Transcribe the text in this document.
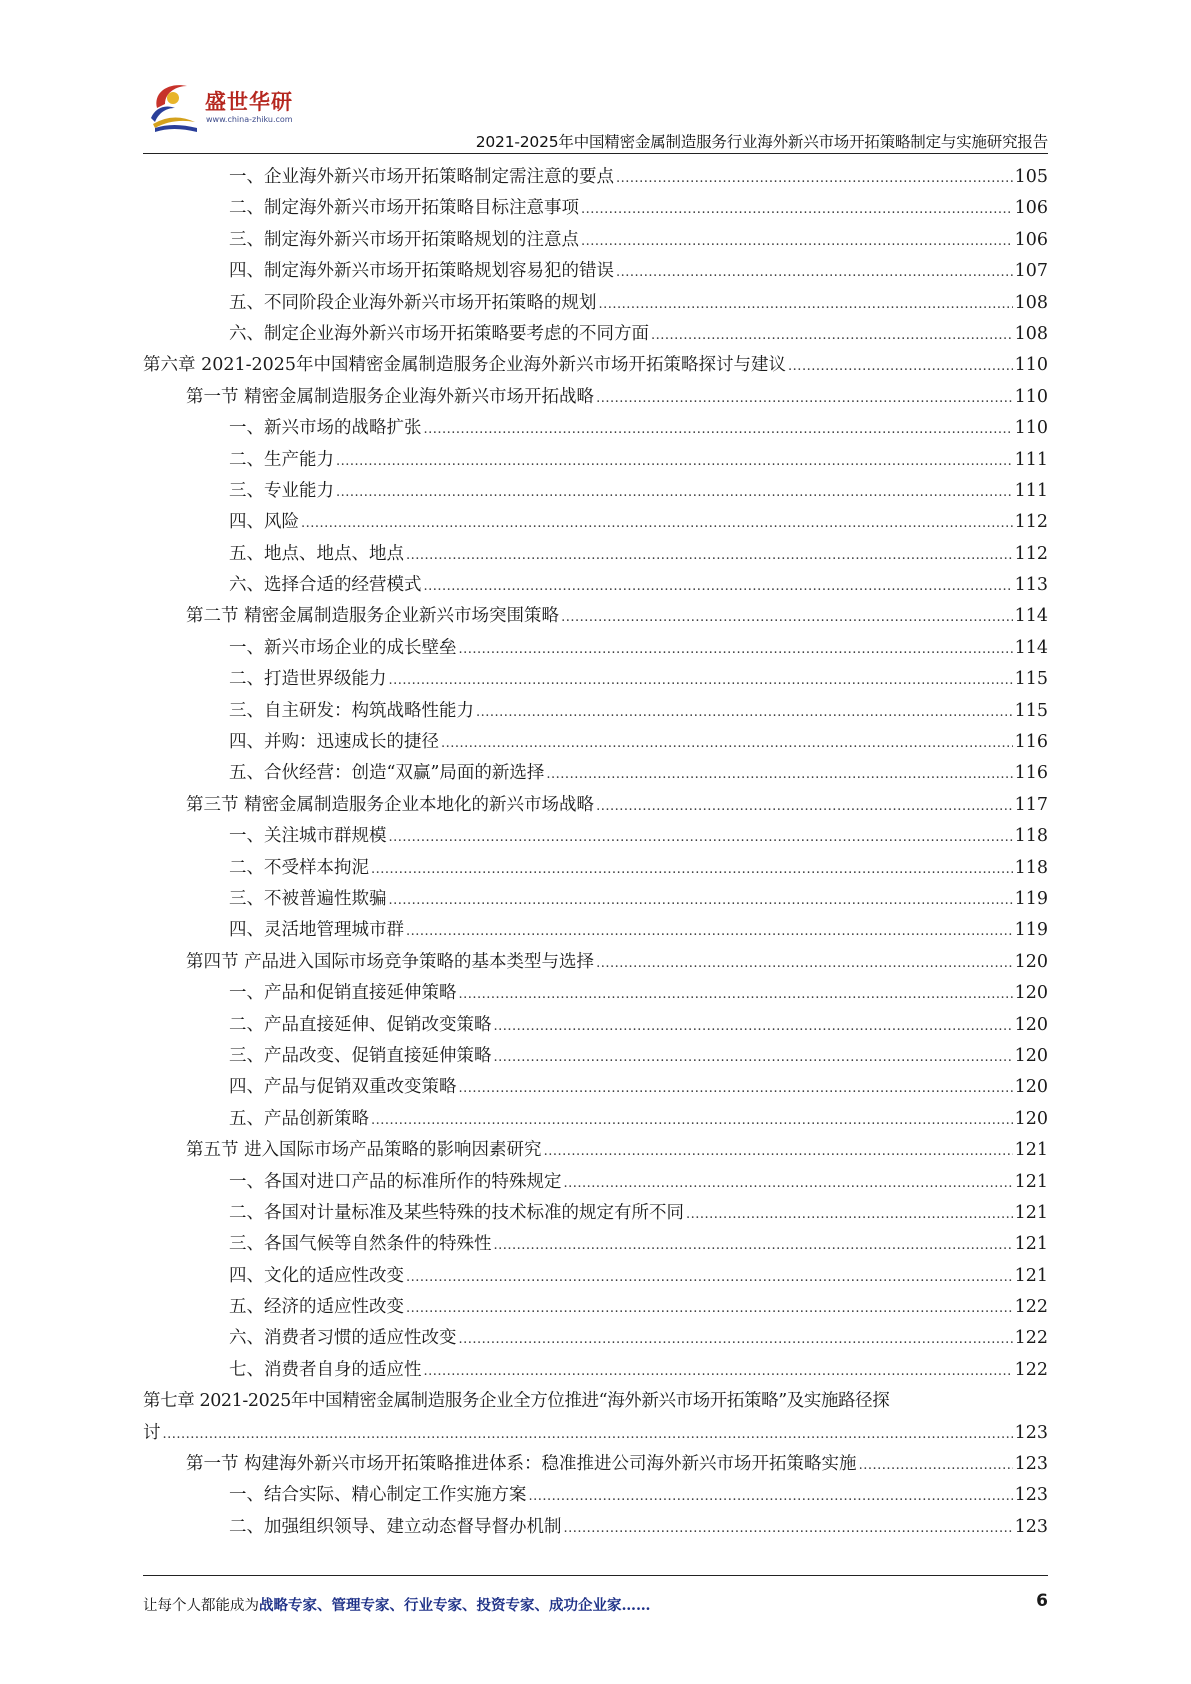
盛世华研
www.china-zhiku.com
2021-2025年中国精密金属制造服务行业海外新兴市场开拓策略制定与实施研究报告
一、企业海外新兴市场开拓策略制定需注意的要点 .....	105
二、制定海外新兴市场开拓策略目标注意事项 .....	106
三、制定海外新兴市场开拓策略规划的注意点 .....	106
四、制定海外新兴市场开拓策略规划容易犯的错误 .....	107
五、不同阶段企业海外新兴市场开拓策略的规划 .....	108
六、制定企业海外新兴市场开拓策略要考虑的不同方面 .....	108
第六章 2021-2025年中国精密金属制造服务企业海外新兴市场开拓策略探讨与建议 .....	110
第一节 精密金属制造服务企业海外新兴市场开拓战略 .....	110
一、新兴市场的战略扩张 .....	110
二、生产能力 .....	111
三、专业能力 .....	111
四、风险 .....	112
五、地点、地点、地点 .....	112
六、选择合适的经营模式 .....	113
第二节 精密金属制造服务企业新兴市场突围策略 .....	114
一、新兴市场企业的成长壁垒 .....	114
二、打造世界级能力 .....	115
三、自主研发：构筑战略性能力 .....	115
四、并购：迅速成长的捷径 .....	116
五、合伙经营：创造“双赢”局面的新选择 .....	116
第三节 精密金属制造服务企业本地化的新兴市场战略 .....	117
一、关注城市群规模 .....	118
二、不受样本拘泥 .....	118
三、不被普遍性欺骗 .....	119
四、灵活地管理城市群 .....	119
第四节 产品进入国际市场竞争策略的基本类型与选择 .....	120
一、产品和促销直接延伸策略 .....	120
二、产品直接延伸、促销改变策略 .....	120
三、产品改变、促销直接延伸策略 .....	120
四、产品与促销双重改变策略 .....	120
五、产品创新策略 .....	120
第五节 进入国际市场产品策略的影响因素研究 .....	121
一、各国对进口产品的标准所作的特殊规定 .....	121
二、各国对计量标准及某些特殊的技术标准的规定有所不同 .....	121
三、各国气候等自然条件的特殊性 .....	121
四、文化的适应性改变 .....	121
五、经济的适应性改变 .....	122
六、消费者习惯的适应性改变 .....	122
七、消费者自身的适应性 .....	122
第七章 2021-2025年中国精密金属制造服务企业全方位推进“海外新兴市场开拓策略”及实施路径探
讨 .....	123
第一节 构建海外新兴市场开拓策略推进体系：稳准推进公司海外新兴市场开拓策略实施 .....	123
一、结合实际、精心制定工作实施方案 .....	123
二、加强组织领导、建立动态督导督办机制 .....	123
让每个人都能成为战略专家、管理专家、行业专家、投资专家、成功企业家……	6
